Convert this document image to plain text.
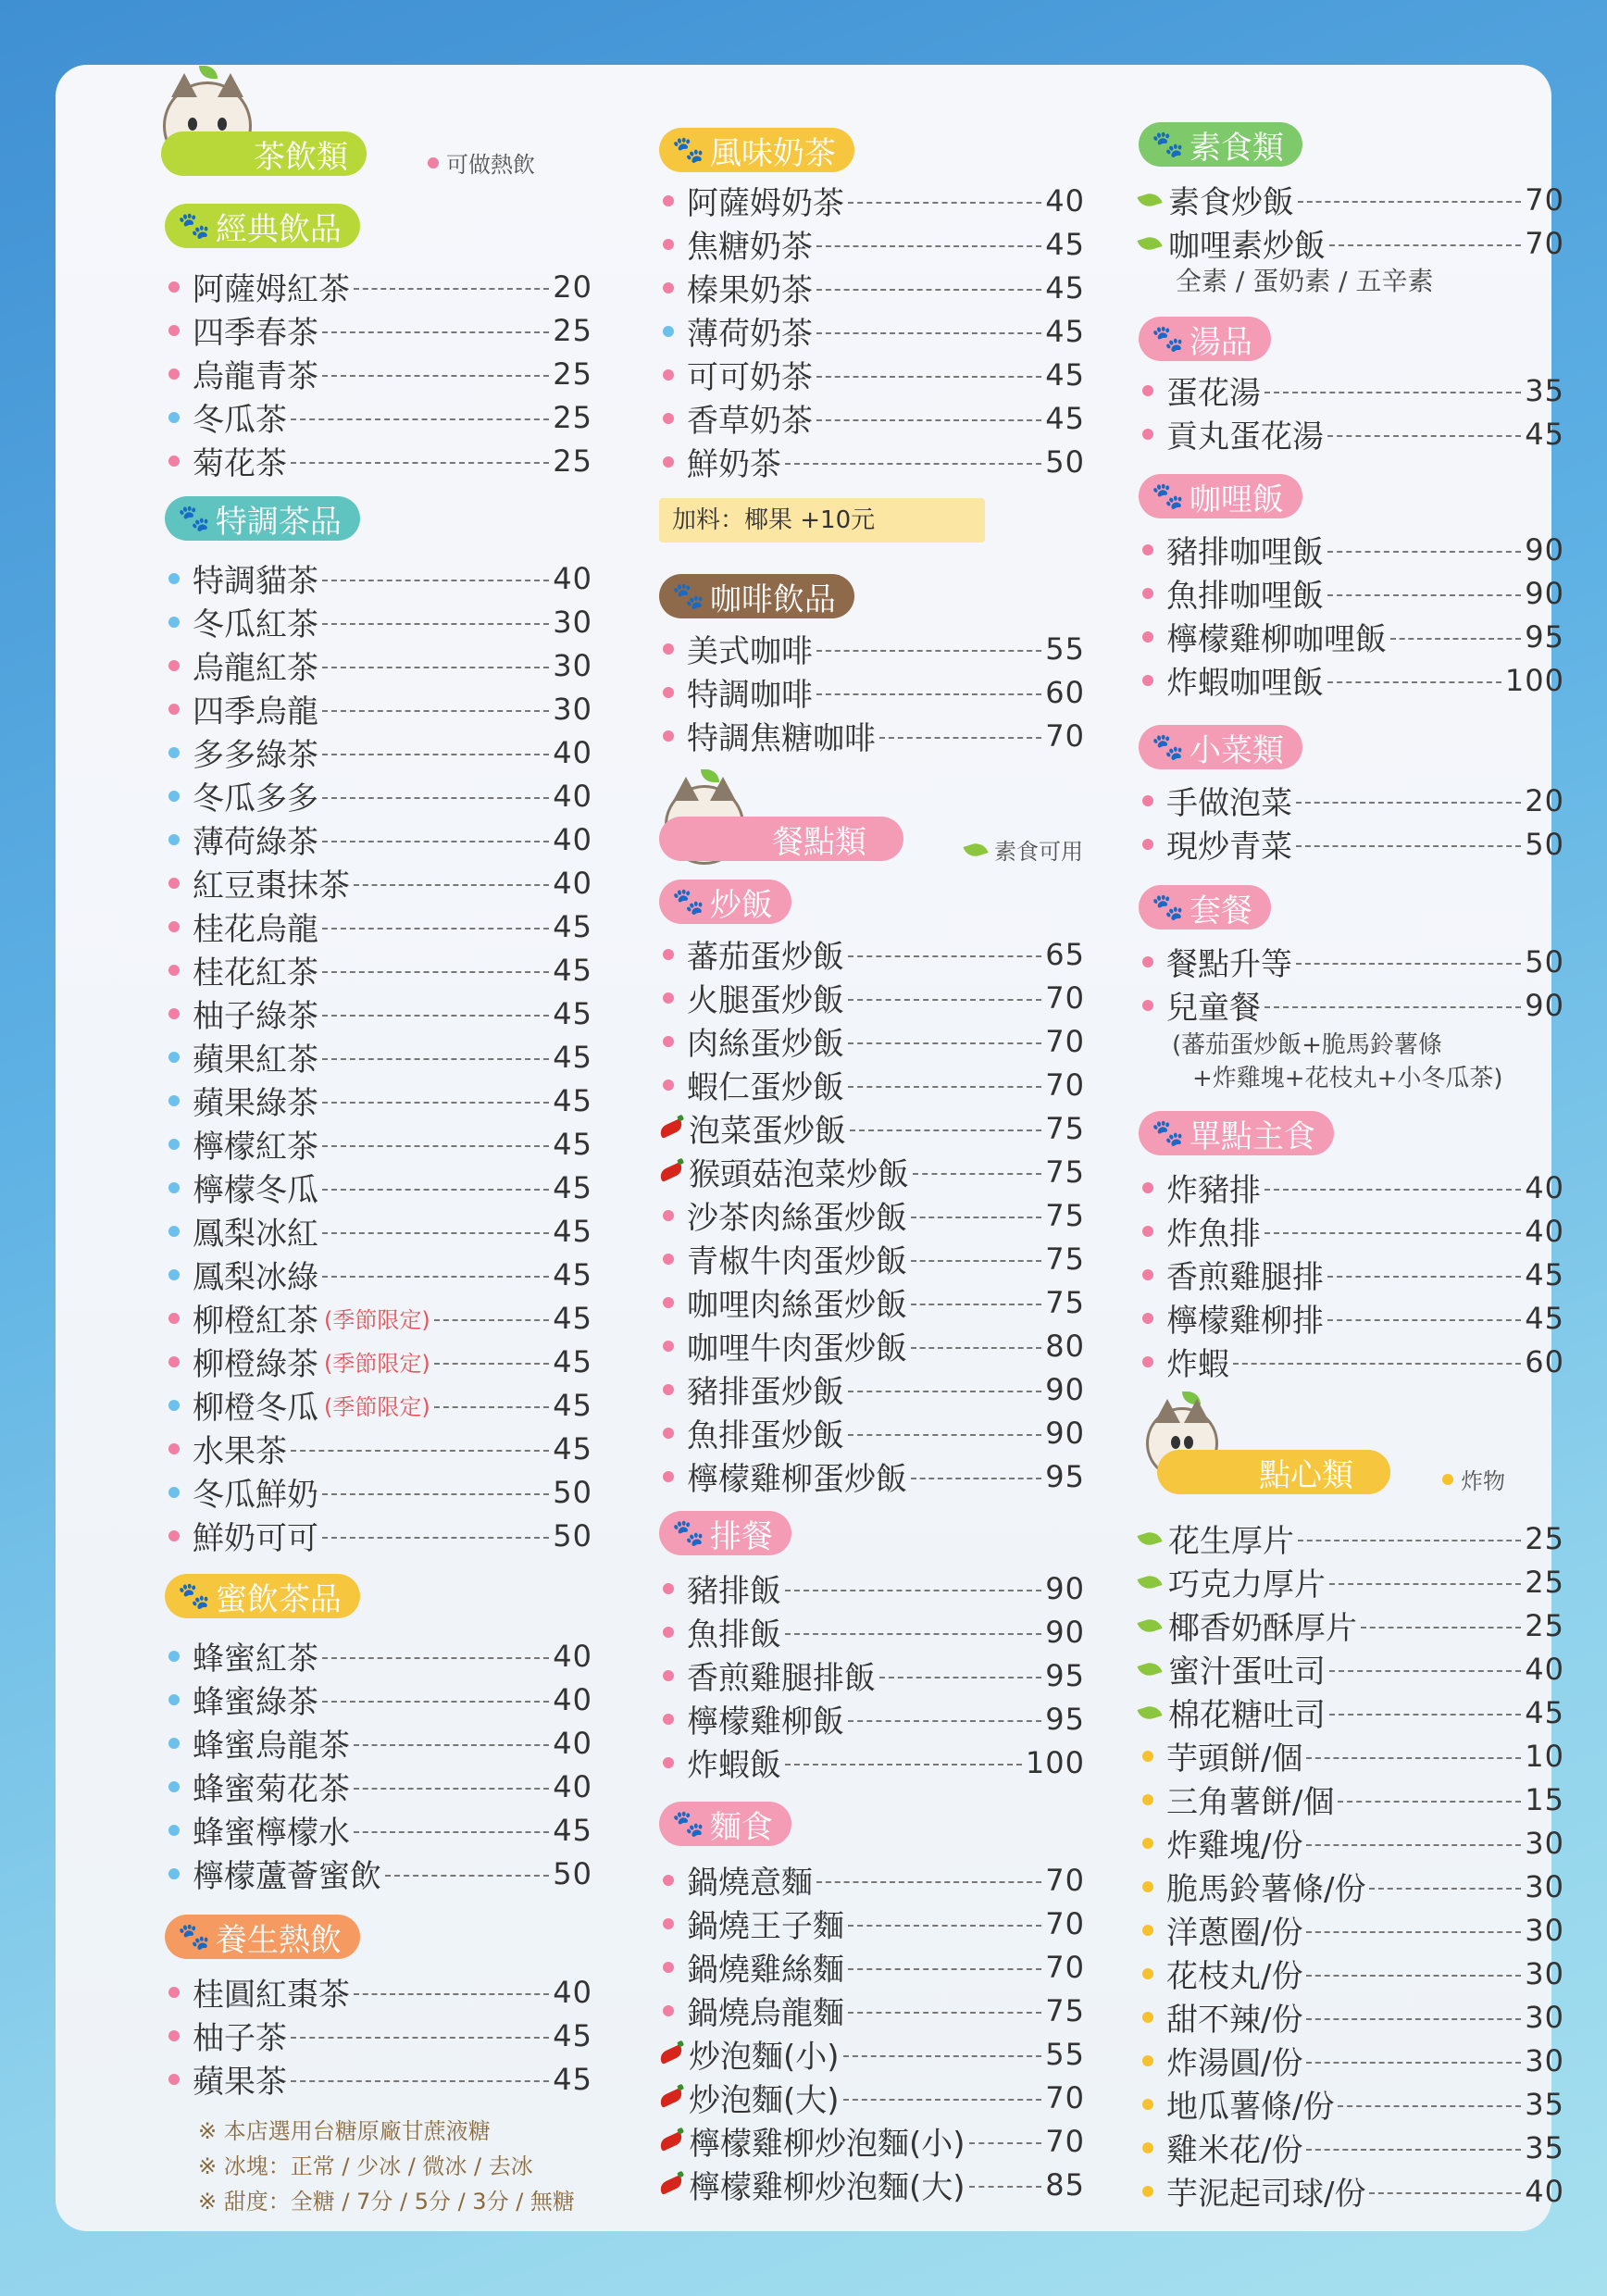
茶飲類	可做熱飲
🐾 經典飲品
阿薩姆紅茶	20
四季春茶	25
烏龍青茶	25
冬瓜茶	25
菊花茶	25
🐾 特調茶品
特調貓茶	40
冬瓜紅茶	30
烏龍紅茶	30
四季烏龍	30
多多綠茶	40
冬瓜多多	40
薄荷綠茶	40
紅豆棗抹茶	40
桂花烏龍	45
桂花紅茶	45
柚子綠茶	45
蘋果紅茶	45
蘋果綠茶	45
檸檬紅茶	45
檸檬冬瓜	45
鳳梨冰紅	45
鳳梨冰綠	45
柳橙紅茶 (季節限定)	45
柳橙綠茶 (季節限定)	45
柳橙冬瓜 (季節限定)	45
水果茶	45
冬瓜鮮奶	50
鮮奶可可	50
🐾 蜜飲茶品
蜂蜜紅茶	40
蜂蜜綠茶	40
蜂蜜烏龍茶	40
蜂蜜菊花茶	40
蜂蜜檸檬水	45
檸檬蘆薈蜜飲	50
🐾 養生熱飲
桂圓紅棗茶	40
柚子茶	45
蘋果茶	45
※ 本店選用台糖原廠甘蔗液糖
※ 冰塊：正常 / 少冰 / 微冰 / 去冰
※ 甜度：全糖 / 7分 / 5分 / 3分 / 無糖
🐾 風味奶茶
阿薩姆奶茶	40
焦糖奶茶	45
榛果奶茶	45
薄荷奶茶	45
可可奶茶	45
香草奶茶	45
鮮奶茶	50
加料：椰果 +10元
🐾 咖啡飲品
美式咖啡	55
特調咖啡	60
特調焦糖咖啡	70
餐點類	素食可用
🐾 炒飯
蕃茄蛋炒飯	65
火腿蛋炒飯	70
肉絲蛋炒飯	70
蝦仁蛋炒飯	70
泡菜蛋炒飯	75
猴頭菇泡菜炒飯	75
沙茶肉絲蛋炒飯	75
青椒牛肉蛋炒飯	75
咖哩肉絲蛋炒飯	75
咖哩牛肉蛋炒飯	80
豬排蛋炒飯	90
魚排蛋炒飯	90
檸檬雞柳蛋炒飯	95
🐾 排餐
豬排飯	90
魚排飯	90
香煎雞腿排飯	95
檸檬雞柳飯	95
炸蝦飯	100
🐾 麵食
鍋燒意麵	70
鍋燒王子麵	70
鍋燒雞絲麵	70
鍋燒烏龍麵	75
炒泡麵(小)	55
炒泡麵(大)	70
檸檬雞柳炒泡麵(小)	70
檸檬雞柳炒泡麵(大)	85
🐾 素食類
素食炒飯	70
咖哩素炒飯	70
全素 / 蛋奶素 / 五辛素
🐾 湯品
蛋花湯	35
貢丸蛋花湯	45
🐾 咖哩飯
豬排咖哩飯	90
魚排咖哩飯	90
檸檬雞柳咖哩飯	95
炸蝦咖哩飯	100
🐾 小菜類
手做泡菜	20
現炒青菜	50
🐾 套餐
餐點升等	50
兒童餐	90
(蕃茄蛋炒飯+脆馬鈴薯條
+炸雞塊+花枝丸+小冬瓜茶)
🐾 單點主食
炸豬排	40
炸魚排	40
香煎雞腿排	45
檸檬雞柳排	45
炸蝦	60
點心類	炸物
花生厚片	25
巧克力厚片	25
椰香奶酥厚片	25
蜜汁蛋吐司	40
棉花糖吐司	45
芋頭餅/個	10
三角薯餅/個	15
炸雞塊/份	30
脆馬鈴薯條/份	30
洋蔥圈/份	30
花枝丸/份	30
甜不辣/份	30
炸湯圓/份	30
地瓜薯條/份	35
雞米花/份	35
芋泥起司球/份	40
